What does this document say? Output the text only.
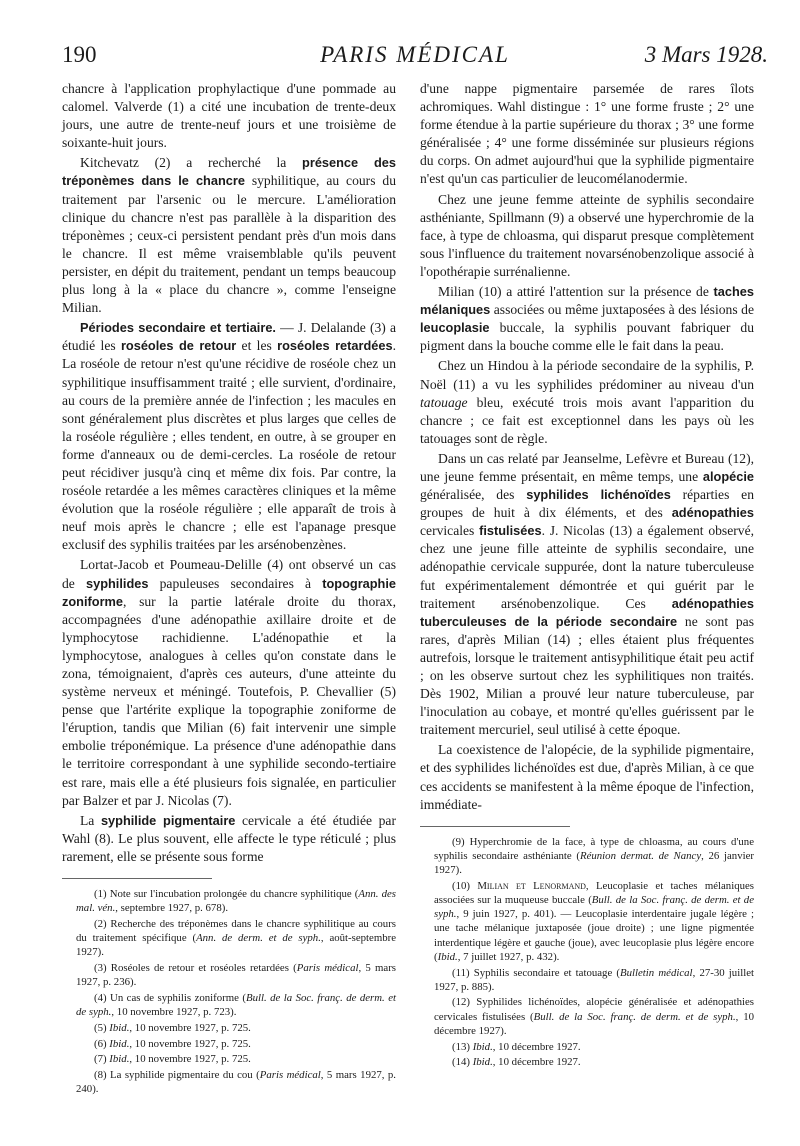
190	PARIS MÉDICAL	3 Mars 1928.

chancre à l'application prophylactique d'une pommade au calomel. Valverde (1) a cité une incubation de trente-deux jours, une autre de trente-neuf jours et une troisième de soixante-huit jours.

Kitchevatz (2) a recherché la présence des tréponèmes dans le chancre syphilitique, au cours du traitement par l'arsenic ou le mercure. L'amélioration clinique du chancre n'est pas parallèle à la disparition des tréponèmes ; ceux-ci persistent pendant près d'un mois dans le chancre. Il est même vraisemblable qu'ils peuvent persister, en dépit du traitement, pendant un temps beaucoup plus long à la « place du chancre », comme l'enseigne Milian.

Périodes secondaire et tertiaire. — J. Delalande (3) a étudié les roséoles de retour et les roséoles retardées. La roséole de retour n'est qu'une récidive de roséole chez un syphilitique insuffisamment traité ; elle survient, d'ordinaire, au cours de la première année de l'infection ; les macules en sont généralement plus discrètes et plus larges que celles de la roséole régulière ; elles tendent, en outre, à se grouper en forme d'anneaux ou de demi-cercles. La roséole de retour peut récidiver jusqu'à cinq et même dix fois. Par contre, la roséole retardée a les mêmes caractères cliniques et la même évolution que la roséole régulière ; elle apparaît de trois à neuf mois après le chancre ; elle est l'apanage presque exclusif des syphilis traitées par les arsénobenzènes.

Lortat-Jacob et Poumeau-Delille (4) ont observé un cas de syphilides papuleuses secondaires à topographie zoniforme, sur la partie latérale droite du thorax, accompagnées d'une adénopathie axillaire droite et de lymphocytose rachidienne. L'adénopathie et la lymphocytose, analogues à celles qu'on constate dans le zona, témoignaient, d'après ces auteurs, d'une atteinte du système nerveux et méningé. Toutefois, P. Chevallier (5) pense que l'artérite explique la topographie zoniforme de l'éruption, tandis que Milian (6) fait intervenir une simple embolie tréponémique. La présence d'une adénopathie dans le territoire correspondant à une syphilide secondo-tertiaire est rare, mais elle a été plusieurs fois signalée, en particulier par Balzer et par J. Nicolas (7).

La syphilide pigmentaire cervicale a été étudiée par Wahl (8). Le plus souvent, elle affecte le type réticulé ; plus rarement, elle se présente sous forme

(1) Note sur l'incubation prolongée du chancre syphilitique (Ann. des mal. vén., septembre 1927, p. 678).

(2) Recherche des tréponèmes dans le chancre syphilitique au cours du traitement spécifique (Ann. de derm. et de syph., août-septembre 1927).

(3) Roséoles de retour et roséoles retardées (Paris médical, 5 mars 1927, p. 236).

(4) Un cas de syphilis zoniforme (Bull. de la Soc. franç. de derm. et de syph., 10 novembre 1927, p. 723).

(5) Ibid., 10 novembre 1927, p. 725.

(6) Ibid., 10 novembre 1927, p. 725.

(7) Ibid., 10 novembre 1927, p. 725.

(8) La syphilide pigmentaire du cou (Paris médical, 5 mars 1927, p. 240).

d'une nappe pigmentaire parsemée de rares îlots achromiques. Wahl distingue : 1° une forme fruste ; 2° une forme étendue à la partie supérieure du thorax ; 3° une forme généralisée ; 4° une forme disséminée sur plusieurs régions du corps. On admet aujourd'hui que la syphilide pigmentaire n'est qu'un cas particulier de leucomélanodermie.

Chez une jeune femme atteinte de syphilis secondaire asthéniante, Spillmann (9) a observé une hyperchromie de la face, à type de chloasma, qui disparut presque complètement sous l'influence du traitement novarsénobenzolique associé à l'opothérapie surrénalienne.

Milian (10) a attiré l'attention sur la présence de taches mélaniques associées ou même juxtaposées à des lésions de leucoplasie buccale, la syphilis pouvant fabriquer du pigment dans la bouche comme elle le fait dans la peau.

Chez un Hindou à la période secondaire de la syphilis, P. Noël (11) a vu les syphilides prédominer au niveau d'un tatouage bleu, exécuté trois mois avant l'apparition du chancre ; ce fait est exceptionnel dans les pays où les tatouages sont de règle.

Dans un cas relaté par Jeanselme, Lefèvre et Bureau (12), une jeune femme présentait, en même temps, une alopécie généralisée, des syphilides lichénoïdes réparties en groupes de huit à dix éléments, et des adénopathies cervicales fistulisées. J. Nicolas (13) a également observé, chez une jeune fille atteinte de syphilis secondaire, une adénopathie cervicale suppurée, dont la nature tuberculeuse fut expérimentalement démontrée et qui guérit par le traitement arsénobenzolique. Ces adénopathies tuberculeuses de la période secondaire ne sont pas rares, d'après Milian (14) ; elles étaient plus fréquentes autrefois, lorsque le traitement antisyphilitique était peu actif ; on les observe surtout chez les syphilitiques non traités. Dès 1902, Milian a prouvé leur nature tuberculeuse, par l'inoculation au cobaye, et montré qu'elles guérissent par le traitement mercuriel, seul utilisé à cette époque.

La coexistence de l'alopécie, de la syphilide pigmentaire, et des syphilides lichénoïdes est due, d'après Milian, à ce que ces accidents se manifestent à la même époque de l'infection, immédiate-

(9) Hyperchromie de la face, à type de chloasma, au cours d'une syphilis secondaire asthéniante (Réunion dermat. de Nancy, 26 janvier 1927).

(10) Milian et Lenormand, Leucoplasie et taches mélaniques associées sur la muqueuse buccale (Bull. de la Soc. franç. de derm. et de syph., 9 juin 1927, p. 401). — Leucoplasie interdentaire jugale légère ; une tache mélanique juxtaposée (joue droite) ; une ligne pigmentée interdentique légère et gauche (joue), avec leucoplasie plus légère encore (Ibid., 7 juillet 1927, p. 432).

(11) Syphilis secondaire et tatouage (Bulletin médical, 27-30 juillet 1927, p. 885).

(12) Syphilides lichénoïdes, alopécie généralisée et adénopathies cervicales fistulisées (Bull. de la Soc. franç. de derm. et de syph., 10 décembre 1927).

(13) Ibid., 10 décembre 1927.

(14) Ibid., 10 décembre 1927.
